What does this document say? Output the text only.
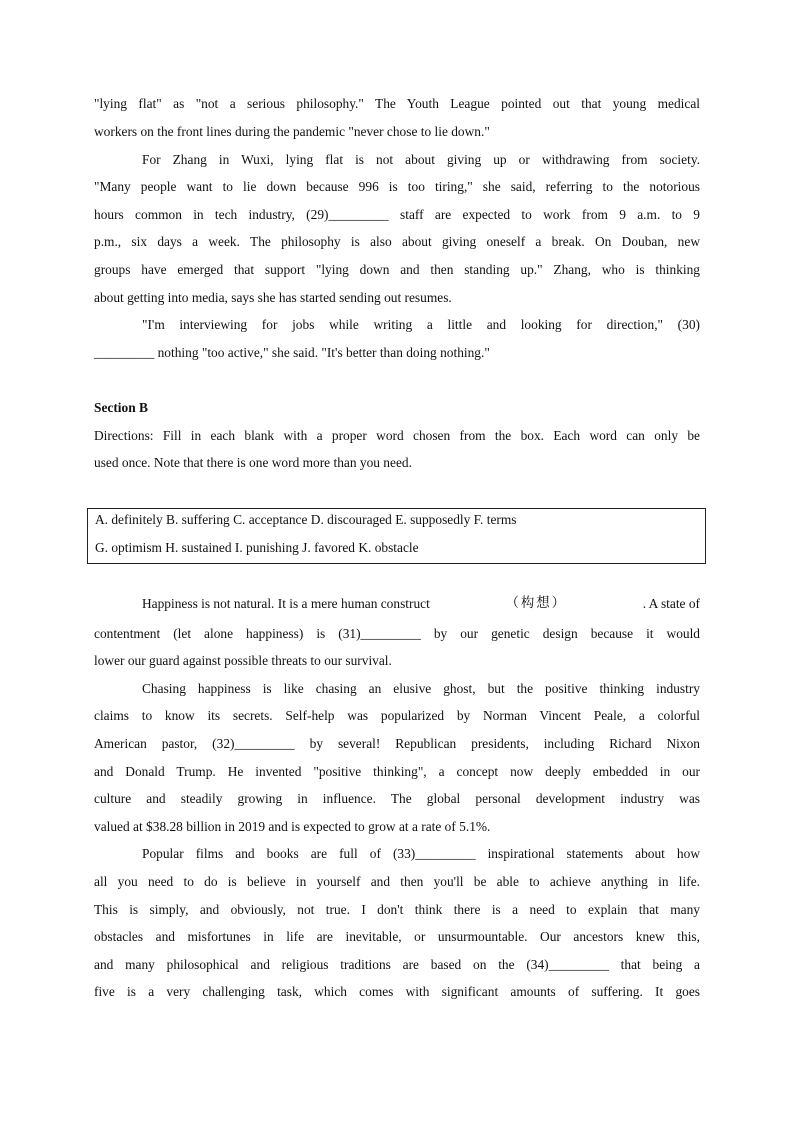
"lying flat" as "not a serious philosophy." The Youth League pointed out that young medical
workers on the front lines during the pandemic "never chose to lie down."
For Zhang in Wuxi, lying flat is not about giving up or withdrawing from society.
"Many people want to lie down because 996 is too tiring," she said, referring to the notorious
hours common in tech industry, (29)_________ staff are expected to work from 9 a.m. to 9
p.m., six days a week. The philosophy is also about giving oneself a break. On Douban, new
groups have emerged that support "lying down and then standing up." Zhang, who is thinking
about getting into media, says she has started sending out resumes.
"I'm interviewing for jobs while writing a little and looking for direction," (30)
_________ nothing "too active," she said. "It's better than doing nothing."
Section B
Directions: Fill in each blank with a proper word chosen from the box. Each word can only be
used once. Note that there is one word more than you need.
A. definitely B. suffering C. acceptance D. discouraged E. supposedly F. terms
G. optimism H. sustained I. punishing J. favored K. obstacle
Happiness is not natural. It is a mere human construct	（构想）	. A state of
contentment (let alone happiness) is (31)_________ by our genetic design because it would
lower our guard against possible threats to our survival.
Chasing happiness is like chasing an elusive ghost, but the positive thinking industry
claims to know its secrets. Self-help was popularized by Norman Vincent Peale, a colorful
American pastor, (32)_________ by several! Republican presidents, including Richard Nixon
and Donald Trump. He invented "positive thinking", a concept now deeply embedded in our
culture and steadily growing in influence. The global personal development industry was
valued at $38.28 billion in 2019 and is expected to grow at a rate of 5.1%.
Popular films and books are full of (33)_________ inspirational statements about how
all you need to do is believe in yourself and then you'll be able to achieve anything in life.
This is simply, and obviously, not true. I don't think there is a need to explain that many
obstacles and misfortunes in life are inevitable, or unsurmountable. Our ancestors knew this,
and many philosophical and religious traditions are based on the (34)_________ that being a
five is a very challenging task, which comes with significant amounts of suffering. It goes
